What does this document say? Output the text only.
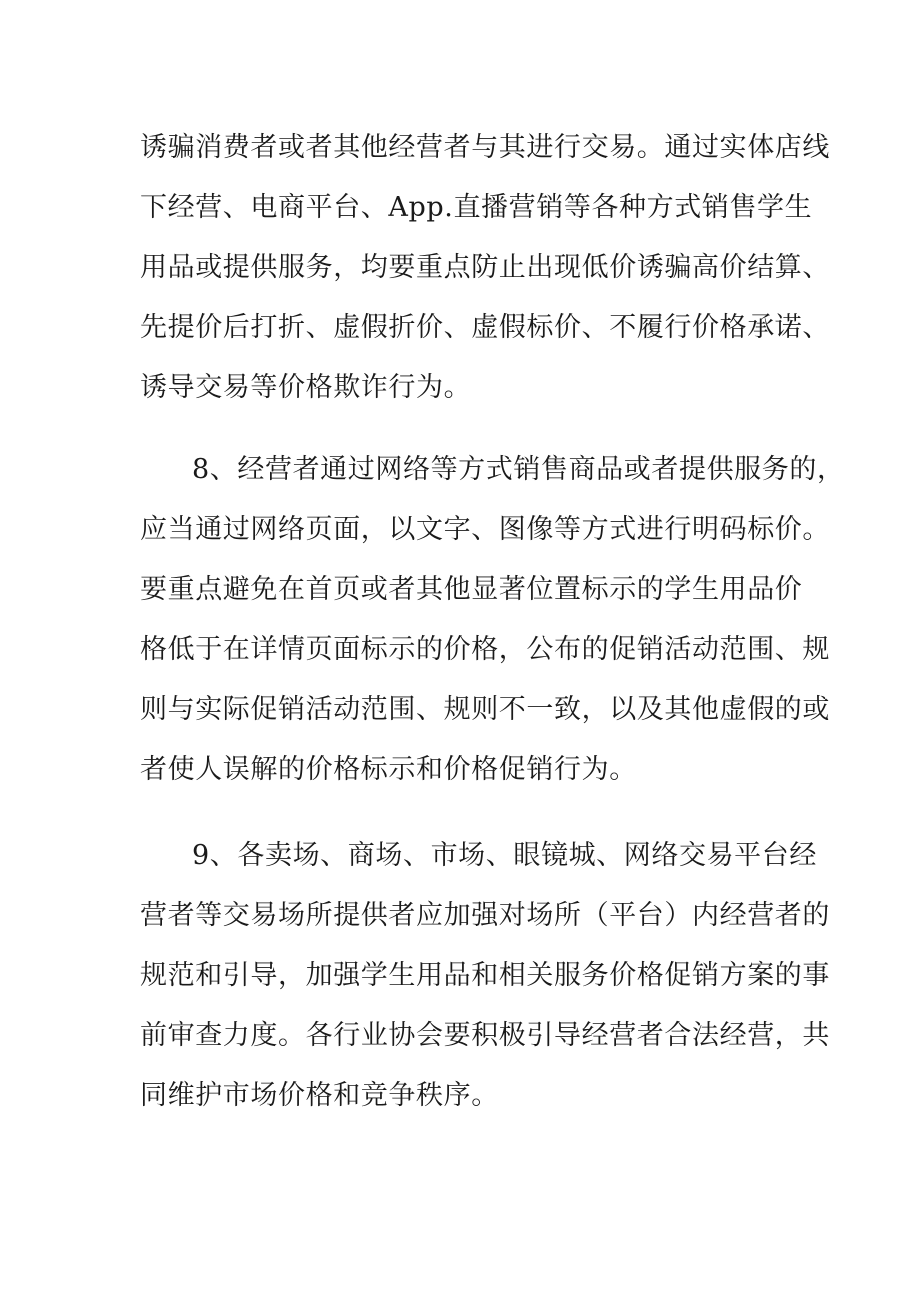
诱骗消费者或者其他经营者与其进行交易。通过实体店线
下经营、电商平台、App.直播营销等各种方式销售学生
用品或提供服务，均要重点防止出现低价诱骗高价结算、
先提价后打折、虚假折价、虚假标价、不履行价格承诺、
诱导交易等价格欺诈行为。
8、经营者通过网络等方式销售商品或者提供服务的，
应当通过网络页面，以文字、图像等方式进行明码标价。
要重点避免在首页或者其他显著位置标示的学生用品价
格低于在详情页面标示的价格，公布的促销活动范围、规
则与实际促销活动范围、规则不一致，以及其他虚假的或
者使人误解的价格标示和价格促销行为。
9、各卖场、商场、市场、眼镜城、网络交易平台经
营者等交易场所提供者应加强对场所（平台）内经营者的
规范和引导，加强学生用品和相关服务价格促销方案的事
前审查力度。各行业协会要积极引导经营者合法经营，共
同维护市场价格和竞争秩序。
